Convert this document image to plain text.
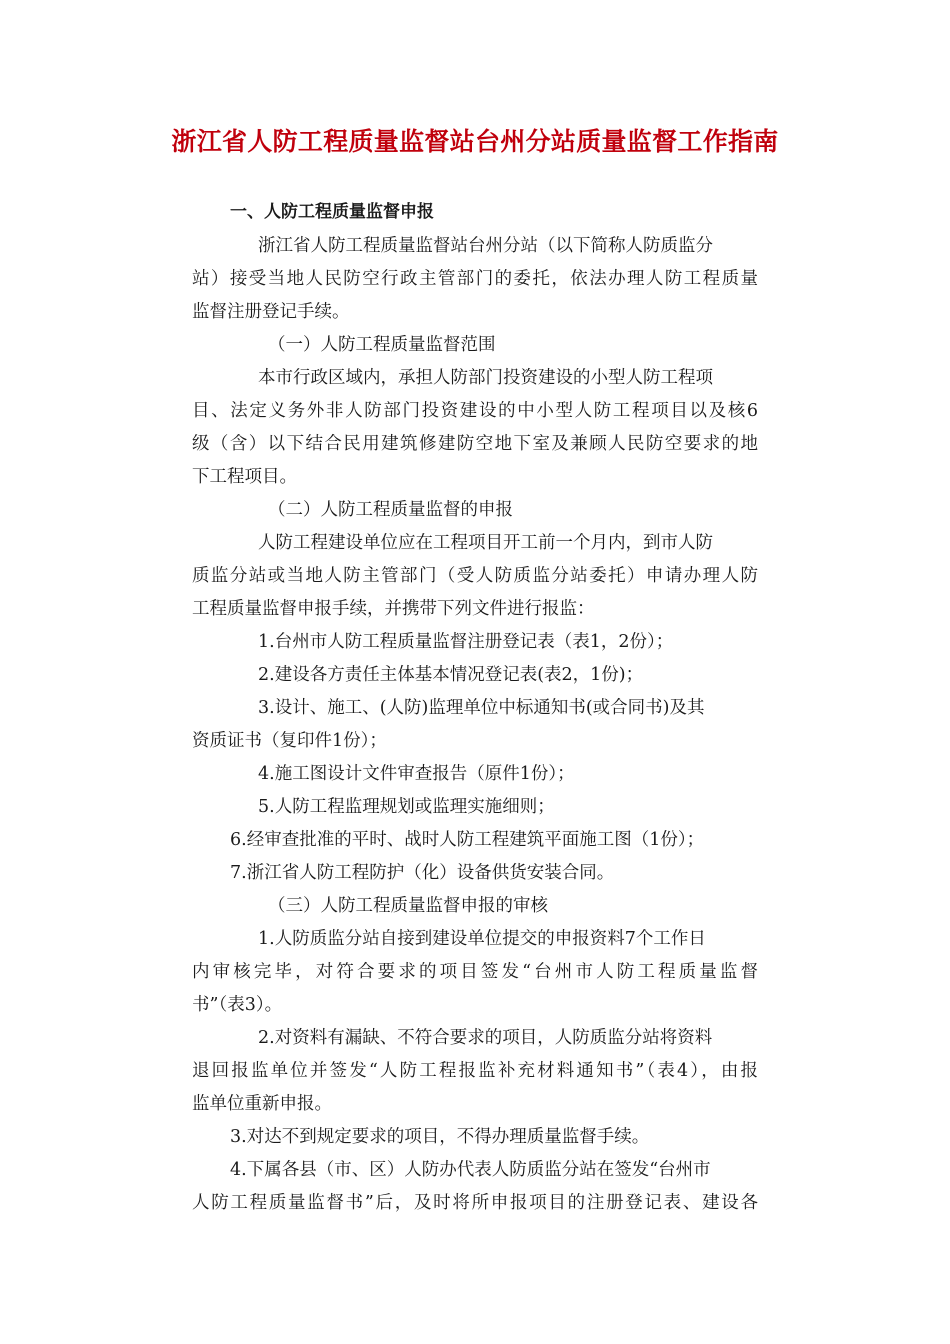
浙江省人防工程质量监督站台州分站质量监督工作指南
一、人防工程质量监督申报
浙江省人防工程质量监督站台州分站（以下简称人防质监分
站）接受当地人民防空行政主管部门的委托，依法办理人防工程质量
监督注册登记手续。
（一）人防工程质量监督范围
本市行政区域内，承担人防部门投资建设的小型人防工程项
目、法定义务外非人防部门投资建设的中小型人防工程项目以及核6
级（含）以下结合民用建筑修建防空地下室及兼顾人民防空要求的地
下工程项目。
（二）人防工程质量监督的申报
人防工程建设单位应在工程项目开工前一个月内，到市人防
质监分站或当地人防主管部门（受人防质监分站委托）申请办理人防
工程质量监督申报手续，并携带下列文件进行报监：
1.台州市人防工程质量监督注册登记表（表1，2份）；
2.建设各方责任主体基本情况登记表(表2，1份)；
3.设计、施工、(人防)监理单位中标通知书(或合同书)及其
资质证书（复印件1份）；
4.施工图设计文件审查报告（原件1份）；
5.人防工程监理规划或监理实施细则；
6.经审查批准的平时、战时人防工程建筑平面施工图（1份）；
7.浙江省人防工程防护（化）设备供货安装合同。
（三）人防工程质量监督申报的审核
1.人防质监分站自接到建设单位提交的申报资料7个工作日
内审核完毕，对符合要求的项目签发“台州市人防工程质量监督
书”（表3）。
2.对资料有漏缺、不符合要求的项目，人防质监分站将资料
退回报监单位并签发“人防工程报监补充材料通知书”（表4），由报
监单位重新申报。
3.对达不到规定要求的项目，不得办理质量监督手续。
4.下属各县（市、区）人防办代表人防质监分站在签发“台州市
人防工程质量监督书”后，及时将所申报项目的注册登记表、建设各
